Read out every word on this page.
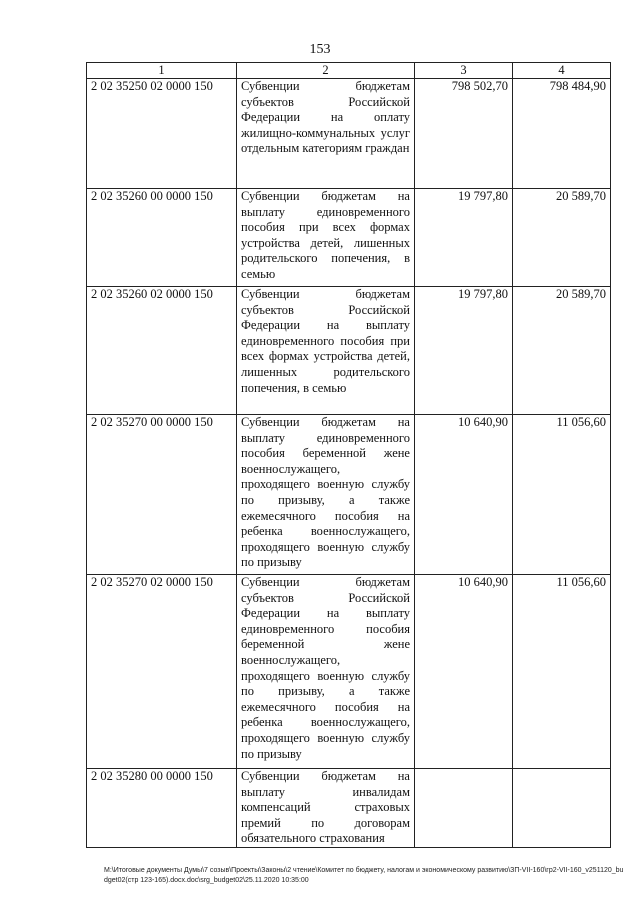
153
1	2	3	4
2 02 35250 02 0000 150	Субвенции бюджетам субъектов Российской Федерации на оплату жилищно-коммунальных услуг отдельным категориям граждан	798 502,70	798 484,90
2 02 35260 00 0000 150	Субвенции бюджетам на выплату единовременного пособия при всех формах устройства детей, лишенных родительского попечения, в семью	19 797,80	20 589,70
2 02 35260 02 0000 150	Субвенции бюджетам субъектов Российской Федерации на выплату единовременного пособия при всех формах устройства детей, лишенных родительского попечения, в семью	19 797,80	20 589,70
2 02 35270 00 0000 150	Субвенции бюджетам на выплату единовременного пособия беременной жене военнослужащего, проходящего военную службу по призыву, а также ежемесячного пособия на ребенка военнослужащего, проходящего военную службу по призыву	10 640,90	11 056,60
2 02 35270 02 0000 150	Субвенции бюджетам субъектов Российской Федерации на выплату единовременного пособия беременной жене военнослужащего, проходящего военную службу по призыву, а также ежемесячного пособия на ребенка военнослужащего, проходящего военную службу по призыву	10 640,90	11 056,60
2 02 35280 00 0000 150	Субвенции бюджетам на выплату инвалидам компенсаций страховых премий по договорам обязательного страхования		
M:\Итоговые документы Думы\7 созыв\Проекты\Законы\2 чтение\Комитет по бюджету, налогам и экономическому развитию\ЗП-VII-160\гр2-VII-160_v251120_budget02(стр 123-165).docx.doc\srg_budget02\25.11.2020 10:35:00
